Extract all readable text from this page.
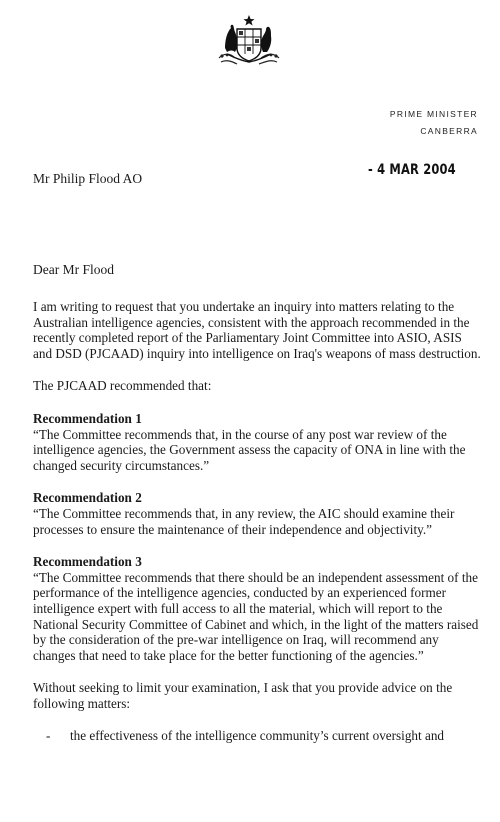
PRIME MINISTER
CANBERRA
- 4 MAR 2004
Mr Philip Flood AO
Dear Mr Flood

I am writing to request that you undertake an inquiry into matters relating to the Australian intelligence agencies, consistent with the approach recommended in the recently completed report of the Parliamentary Joint Committee into ASIO, ASIS and DSD (PJCAAD) inquiry into intelligence on Iraq's weapons of mass destruction.

The PJCAAD recommended that:

Recommendation 1
“The Committee recommends that, in the course of any post war review of the intelligence agencies, the Government assess the capacity of ONA in line with the changed security circumstances.”
Recommendation 2
“The Committee recommends that, in any review, the AIC should examine their processes to ensure the maintenance of their independence and objectivity.”
Recommendation 3
“The Committee recommends that there should be an independent assessment of the performance of the intelligence agencies, conducted by an experienced former intelligence expert with full access to all the material, which will report to the National Security Committee of Cabinet and which, in the light of the matters raised by the consideration of the pre-war intelligence on Iraq, will recommend any changes that need to take place for the better functioning of the agencies.”

Without seeking to limit your examination, I ask that you provide advice on the following matters:

- the effectiveness of the intelligence community’s current oversight and
